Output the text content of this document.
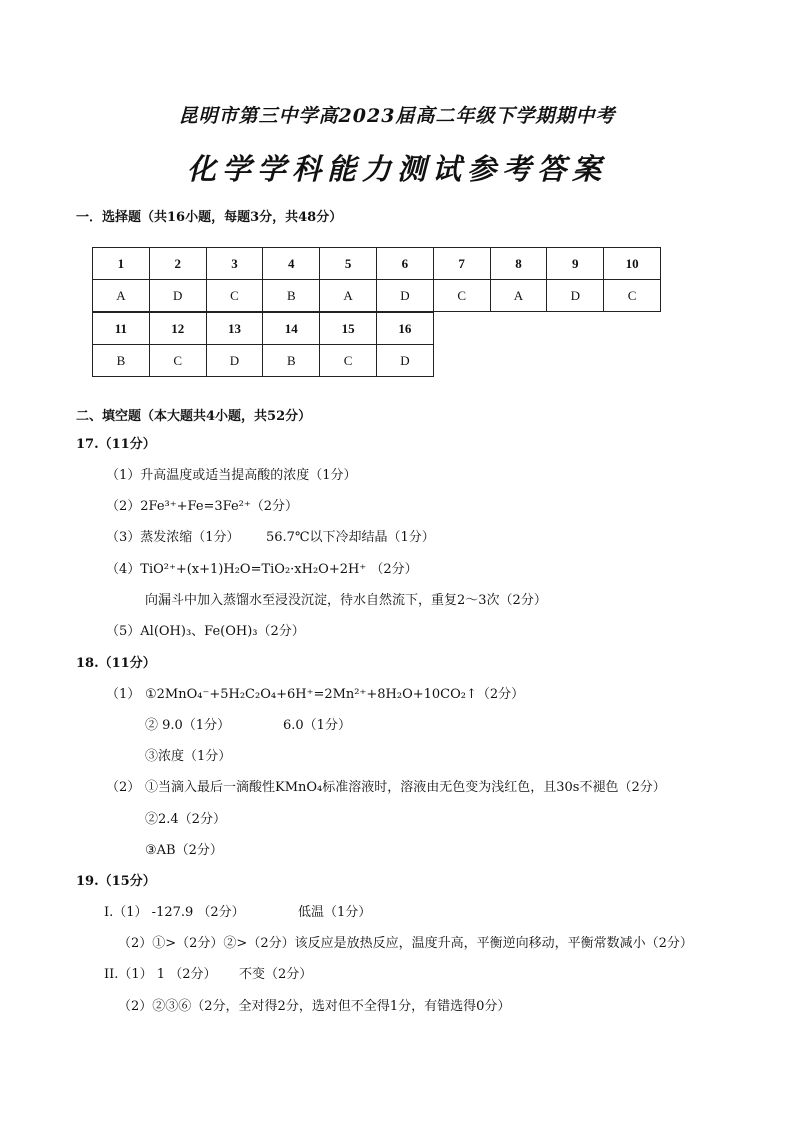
昆明市第三中学高2023届高二年级下学期期中考
化学学科能力测试参考答案
一．选择题（共16小题，每题3分，共48分）
1	2	3	4	5	6	7	8	9	10
A	D	C	B	A	D	C	A	D	C
11	12	13	14	15	16
B	C	D	B	C	D
二、填空题（本大题共4小题，共52分）
17.（11分）
（1）升高温度或适当提高酸的浓度（1分）
（2）2Fe³⁺+Fe=3Fe²⁺（2分）
（3）蒸发浓缩（1分） 56.7℃以下冷却结晶（1分）
（4）TiO²⁺+(x+1)H₂O=TiO₂·xH₂O+2H⁺ （2分）
向漏斗中加入蒸馏水至浸没沉淀，待水自然流下，重复2～3次（2分）
（5）Al(OH)₃、Fe(OH)₃（2分）
18.（11分）
（1） ①2MnO₄⁻+5H₂C₂O₄+6H⁺=2Mn²⁺+8H₂O+10CO₂↑（2分）
② 9.0（1分）	6.0（1分）
③浓度（1分）
（2） ①当滴入最后一滴酸性KMnO₄标准溶液时，溶液由无色变为浅红色，且30s不褪色（2分）
②2.4（2分）
③AB（2分）
19.（15分）
I.（1） -127.9 （2分）	低温（1分）
（2）①>（2分）②>（2分）该反应是放热反应，温度升高，平衡逆向移动，平衡常数减小（2分）
II.（1） 1 （2分） 不变（2分）
（2）②③⑥（2分，全对得2分，选对但不全得1分，有错选得0分）
